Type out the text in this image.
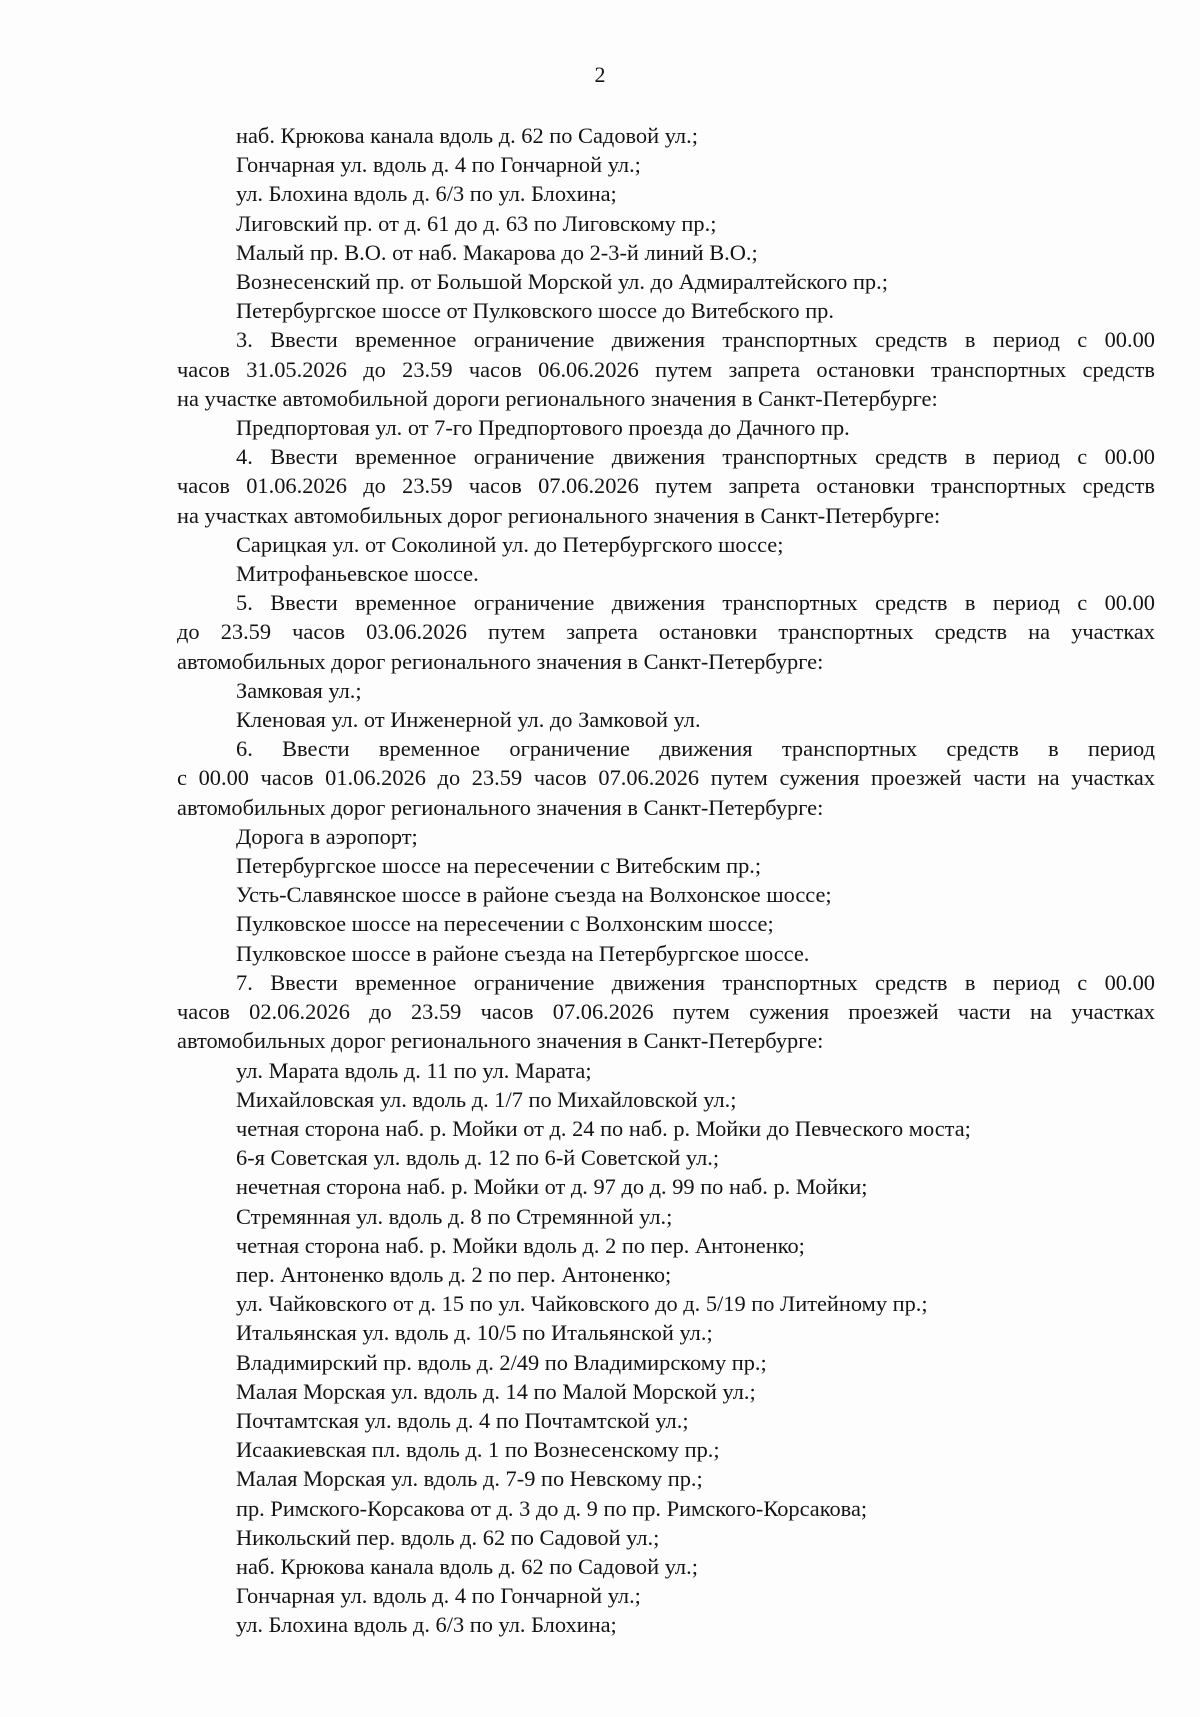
2
наб. Крюкова канала вдоль д. 62 по Садовой ул.;
Гончарная ул. вдоль д. 4 по Гончарной ул.;
ул. Блохина вдоль д. 6/3 по ул. Блохина;
Лиговский пр. от д. 61 до д. 63 по Лиговскому пр.;
Малый пр. В.О. от наб. Макарова до 2-3-й линий В.О.;
Вознесенский пр. от Большой Морской ул. до Адмиралтейского пр.;
Петербургское шоссе от Пулковского шоссе до Витебского пр.
3. Ввести временное ограничение движения транспортных средств в период с 00.00
часов 31.05.2026 до 23.59 часов 06.06.2026 путем запрета остановки транспортных средств
на участке автомобильной дороги регионального значения в Санкт-Петербурге:
Предпортовая ул. от 7-го Предпортового проезда до Дачного пр.
4. Ввести временное ограничение движения транспортных средств в период с 00.00
часов 01.06.2026 до 23.59 часов 07.06.2026 путем запрета остановки транспортных средств
на участках автомобильных дорог регионального значения в Санкт-Петербурге:
Сарицкая ул. от Соколиной ул. до Петербургского шоссе;
Митрофаньевское шоссе.
5. Ввести временное ограничение движения транспортных средств в период с 00.00
до 23.59 часов 03.06.2026 путем запрета остановки транспортных средств на участках
автомобильных дорог регионального значения в Санкт-Петербурге:
Замковая ул.;
Кленовая ул. от Инженерной ул. до Замковой ул.
6. Ввести временное ограничение движения транспортных средств в период
с 00.00 часов 01.06.2026 до 23.59 часов 07.06.2026 путем сужения проезжей части на участках
автомобильных дорог регионального значения в Санкт-Петербурге:
Дорога в аэропорт;
Петербургское шоссе на пересечении с Витебским пр.;
Усть-Славянское шоссе в районе съезда на Волхонское шоссе;
Пулковское шоссе на пересечении с Волхонским шоссе;
Пулковское шоссе в районе съезда на Петербургское шоссе.
7. Ввести временное ограничение движения транспортных средств в период с 00.00
часов 02.06.2026 до 23.59 часов 07.06.2026 путем сужения проезжей части на участках
автомобильных дорог регионального значения в Санкт-Петербурге:
ул. Марата вдоль д. 11 по ул. Марата;
Михайловская ул. вдоль д. 1/7 по Михайловской ул.;
четная сторона наб. р. Мойки от д. 24 по наб. р. Мойки до Певческого моста;
6-я Советская ул. вдоль д. 12 по 6-й Советской ул.;
нечетная сторона наб. р. Мойки от д. 97 до д. 99 по наб. р. Мойки;
Стремянная ул. вдоль д. 8 по Стремянной ул.;
четная сторона наб. р. Мойки вдоль д. 2 по пер. Антоненко;
пер. Антоненко вдоль д. 2 по пер. Антоненко;
ул. Чайковского от д. 15 по ул. Чайковского до д. 5/19 по Литейному пр.;
Итальянская ул. вдоль д. 10/5 по Итальянской ул.;
Владимирский пр. вдоль д. 2/49 по Владимирскому пр.;
Малая Морская ул. вдоль д. 14 по Малой Морской ул.;
Почтамтская ул. вдоль д. 4 по Почтамтской ул.;
Исаакиевская пл. вдоль д. 1 по Вознесенскому пр.;
Малая Морская ул. вдоль д. 7-9 по Невскому пр.;
пр. Римского-Корсакова от д. 3 до д. 9 по пр. Римского-Корсакова;
Никольский пер. вдоль д. 62 по Садовой ул.;
наб. Крюкова канала вдоль д. 62 по Садовой ул.;
Гончарная ул. вдоль д. 4 по Гончарной ул.;
ул. Блохина вдоль д. 6/3 по ул. Блохина;
